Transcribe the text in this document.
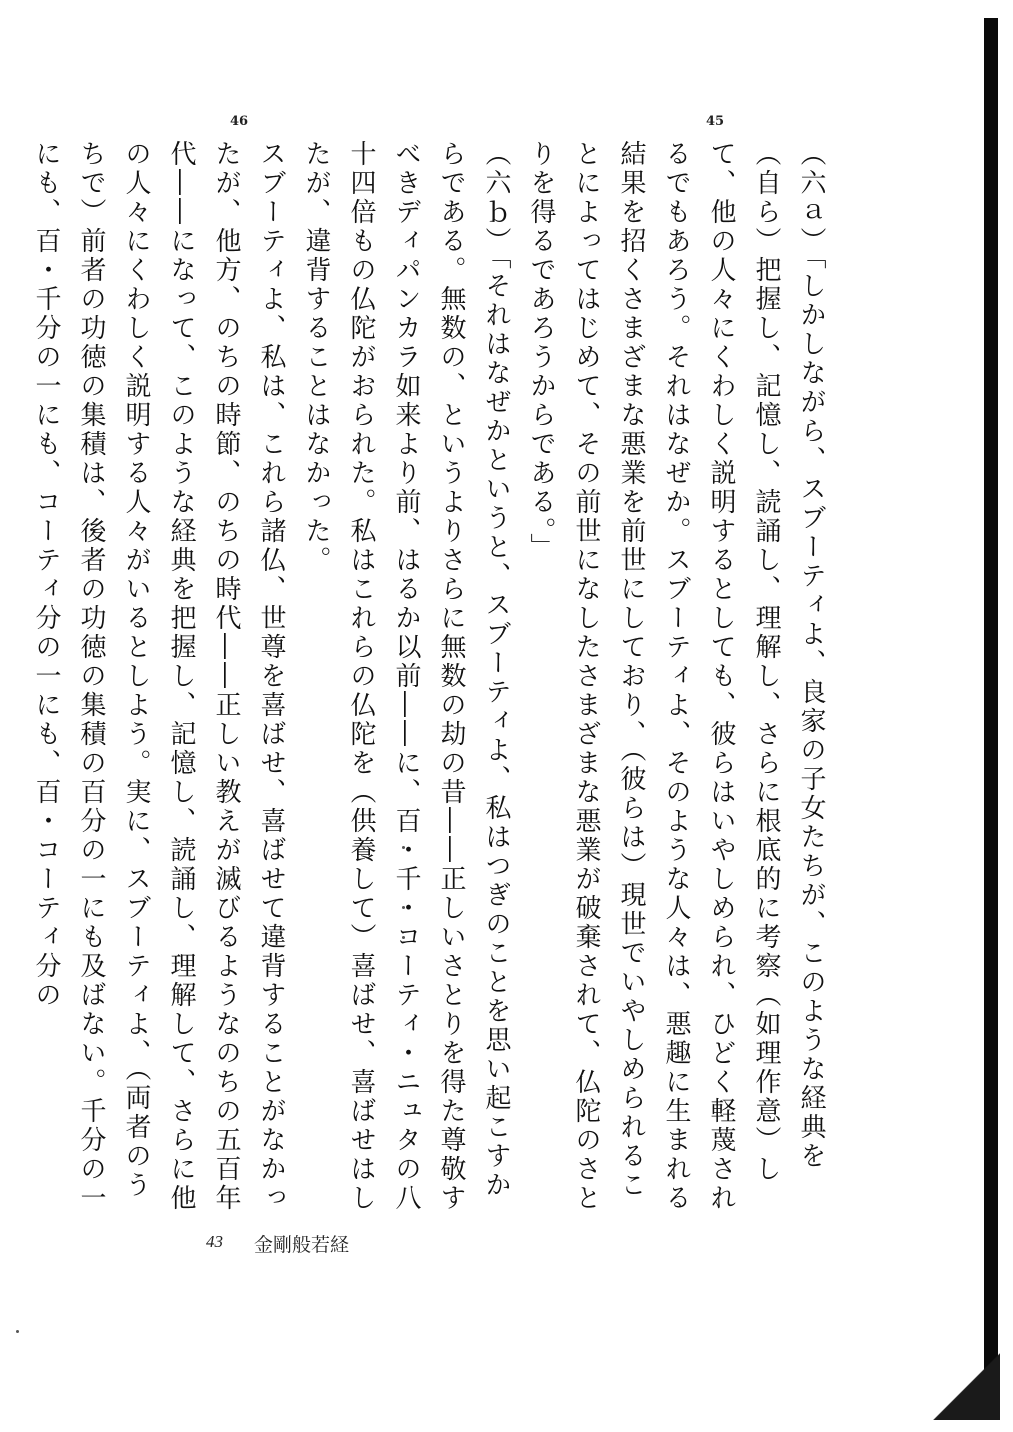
45
46
（六ａ）「しかしながら、スブーティよ、良家の子女たちが、このような経典を（自ら）把握し、記憶し、読誦し、理解し、さらに根底的に考察（如理作意）して、他の人々にくわしく説明するとしても、彼らはいやしめられ、ひどく軽蔑されるでもあろう。それはなぜか。スブーティよ、そのような人々は、悪趣に生まれる結果を招くさまざまな悪業を前世にしており、（彼らは）現世でいやしめられることによってはじめて、その前世になしたさまざまな悪業が破棄されて、仏陀のさとりを得るであろうからである。」
（六ｂ）「それはなぜかというと、スブーティよ、私はつぎのことを思い起こすからである。無数の、というよりさらに無数の劫の昔――正しいさとりを得た尊敬すべきディパンカラ如来より前、はるか以前――に、百・千・コーティ・ニュタの八十四倍もの仏陀がおられた。私はこれらの仏陀を（供養して）喜ばせ、喜ばせはしたが、違背することはなかった。
スブーティよ、私は、これら諸仏、世尊を喜ばせ、喜ばせて違背することがなかったが、他方、のちの時節、のちの時代――正しい教えが滅びるようなのちの五百年代――になって、このような経典を把握し、記憶し、読誦し、理解して、さらに他の人々にくわしく説明する人々がいるとしよう。実に、スブーティよ、（両者のうちで）前者の功徳の集積は、後者の功徳の集積の百分の一にも及ばない。千分の一にも、百・千分の一にも、コーティ分の一にも、百・コーティ分の
43 金剛般若経
